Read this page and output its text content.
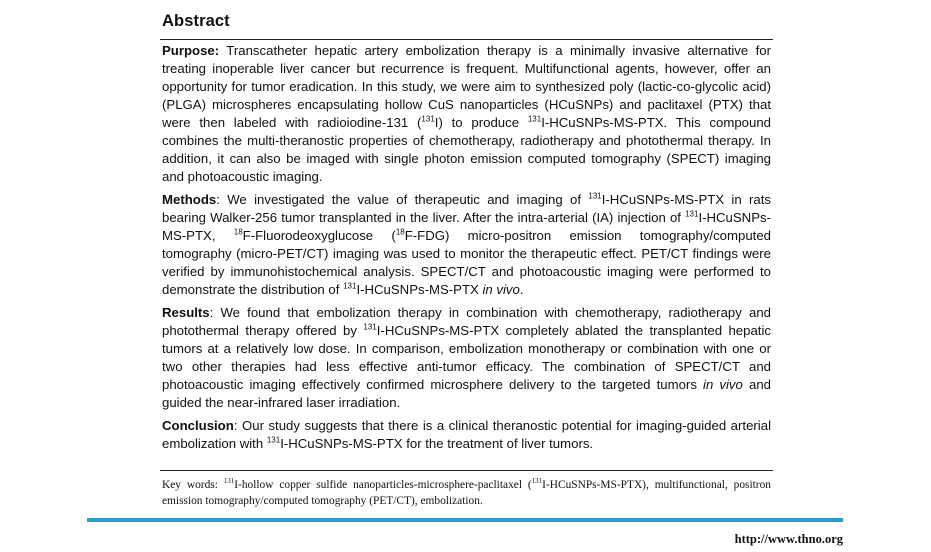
Abstract

Purpose: Transcatheter hepatic artery embolization therapy is a minimally invasive alternative for treating inoperable liver cancer but recurrence is frequent. Multifunctional agents, however, offer an opportunity for tumor eradication. In this study, we were aim to synthesized poly (lactic-co-glycolic acid) (PLGA) microspheres encapsulating hollow CuS nanoparticles (HCuSNPs) and paclitaxel (PTX) that were then labeled with radioiodine-131 ($^{131}$I) to produce $^{131}$I-HCuSNPs-MS-PTX. This compound combines the multi-theranostic properties of chemotherapy, radiotherapy and photothermal therapy. In addition, it can also be imaged with single photon emission computed tomography (SPECT) imaging and photoacoustic imaging.

Methods: We investigated the value of therapeutic and imaging of $^{131}$I-HCuSNPs-MS-PTX in rats bearing Walker-256 tumor transplanted in the liver. After the intra-arterial (IA) injection of $^{131}$I-HCuSNPs-MS-PTX, $^{18}$F-Fluorodeoxyglucose ($^{18}$F-FDG) micro-positron emission tomography/computed tomography (micro-PET/CT) imaging was used to monitor the therapeutic effect. PET/CT findings were verified by immunohistochemical analysis. SPECT/CT and photoacoustic imaging were performed to demonstrate the distribution of $^{131}$I-HCuSNPs-MS-PTX in vivo.

Results: We found that embolization therapy in combination with chemotherapy, radiotherapy and photothermal therapy offered by $^{131}$I-HCuSNPs-MS-PTX completely ablated the transplanted hepatic tumors at a relatively low dose. In comparison, embolization monotherapy or combination with one or two other therapies had less effective anti-tumor efficacy. The combination of SPECT/CT and photoacoustic imaging effectively confirmed microsphere delivery to the targeted tumors in vivo and guided the near-infrared laser irradiation.

Conclusion: Our study suggests that there is a clinical theranostic potential for imaging-guided arterial embolization with $^{131}$I-HCuSNPs-MS-PTX for the treatment of liver tumors.

Key words: $^{131}$I-hollow copper sulfide nanoparticles-microsphere-paclitaxel ($^{131}$I-HCuSNPs-MS-PTX), multifunctional, positron emission tomography/computed tomography (PET/CT), embolization.
http://www.thno.org
